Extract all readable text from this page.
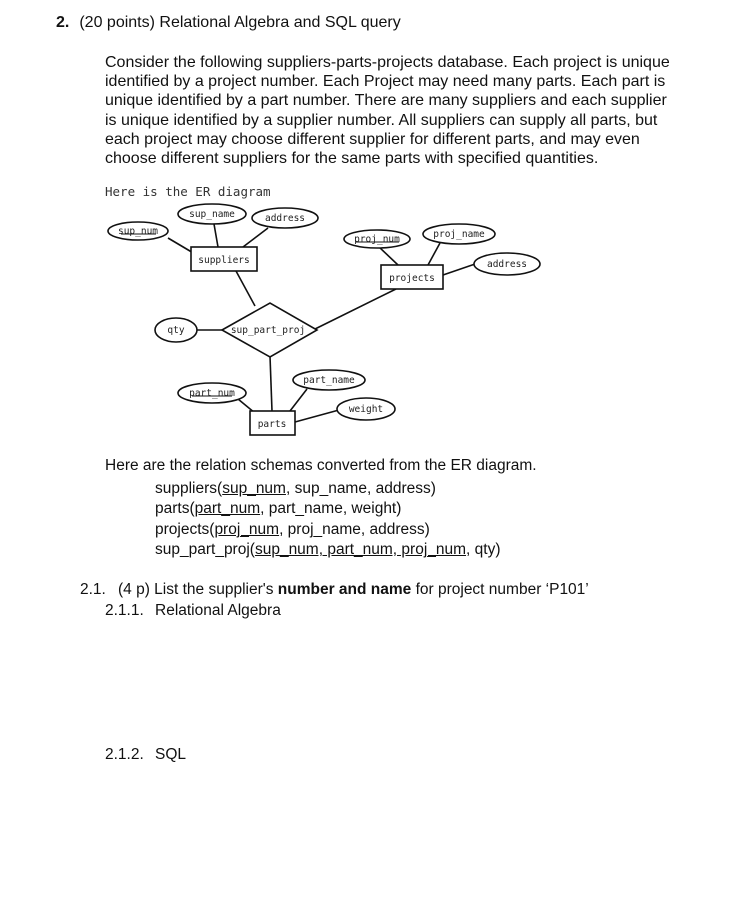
2. (20 points) Relational Algebra and SQL query
Consider the following suppliers-parts-projects database. Each project is unique
identified by a project number. Each Project may need many parts. Each part is
unique identified by a part number. There are many suppliers and each supplier
is unique identified by a supplier number. All suppliers can supply all parts, but
each project may choose different supplier for different parts, and may even
choose different suppliers for the same parts with specified quantities.
Here is the ER diagram
suppliers
projects
parts
sup_part_proj
sup_num
sup_name	address
proj_num	proj_name
address
qty
part_num
part_name
weight
Here are the relation schemas converted from the ER diagram.
suppliers(sup_num, sup_name, address)
parts(part_num, part_name, weight)
projects(proj_num, proj_name, address)
sup_part_proj(sup_num, part_num, proj_num, qty)
2.1. (4 p) List the supplier's number and name for project number ‘P101’
2.1.1. Relational Algebra
2.1.2. SQL
